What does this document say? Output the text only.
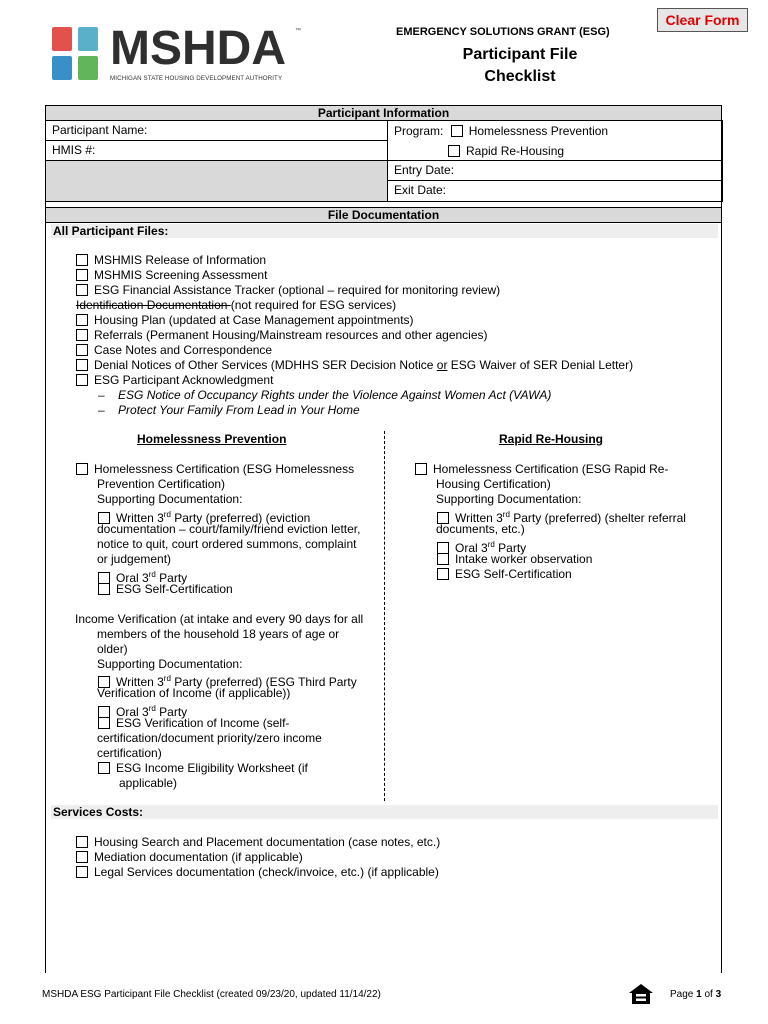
MSHDA ™
MICHIGAN STATE HOUSING DEVELOPMENT AUTHORITY
EMERGENCY SOLUTIONS GRANT (ESG)
Participant File
Checklist
Clear Form
Participant Information
Participant Name:
HMIS #:
Program: Homelessness Prevention
Rapid Re-Housing
Entry Date:
Exit Date:
File Documentation
All Participant Files:
MSHMIS Release of Information
MSHMIS Screening Assessment
ESG Financial Assistance Tracker (optional – required for monitoring review)
Identification Documentation (not required for ESG services)
Housing Plan (updated at Case Management appointments)
Referrals (Permanent Housing/Mainstream resources and other agencies)
Case Notes and Correspondence
Denial Notices of Other Services (MDHHS SER Decision Notice or ESG Waiver of SER Denial Letter)
ESG Participant Acknowledgment
– ESG Notice of Occupancy Rights under the Violence Against Women Act (VAWA)
– Protect Your Family From Lead in Your Home
Homelessness Prevention
Homelessness Certification (ESG Homelessness
Prevention Certification)
Supporting Documentation:
Written 3rd Party (preferred) (eviction
documentation – court/family/friend eviction letter,
notice to quit, court ordered summons, complaint
or judgement)
Oral 3rd Party
ESG Self-Certification
Income Verification (at intake and every 90 days for all
members of the household 18 years of age or
older)
Supporting Documentation:
Written 3rd Party (preferred) (ESG Third Party
Verification of Income (if applicable))
Oral 3rd Party
ESG Verification of Income (self-
certification/document priority/zero income
certification)
ESG Income Eligibility Worksheet (if
applicable)
Rapid Re-Housing
Homelessness Certification (ESG Rapid Re-
Housing Certification)
Supporting Documentation:
Written 3rd Party (preferred) (shelter referral
documents, etc.)
Oral 3rd Party
Intake worker observation
ESG Self-Certification
Services Costs:
Housing Search and Placement documentation (case notes, etc.)
Mediation documentation (if applicable)
Legal Services documentation (check/invoice, etc.) (if applicable)
MSHDA ESG Participant File Checklist (created 09/23/20, updated 11/14/22)	Page 1 of 3
